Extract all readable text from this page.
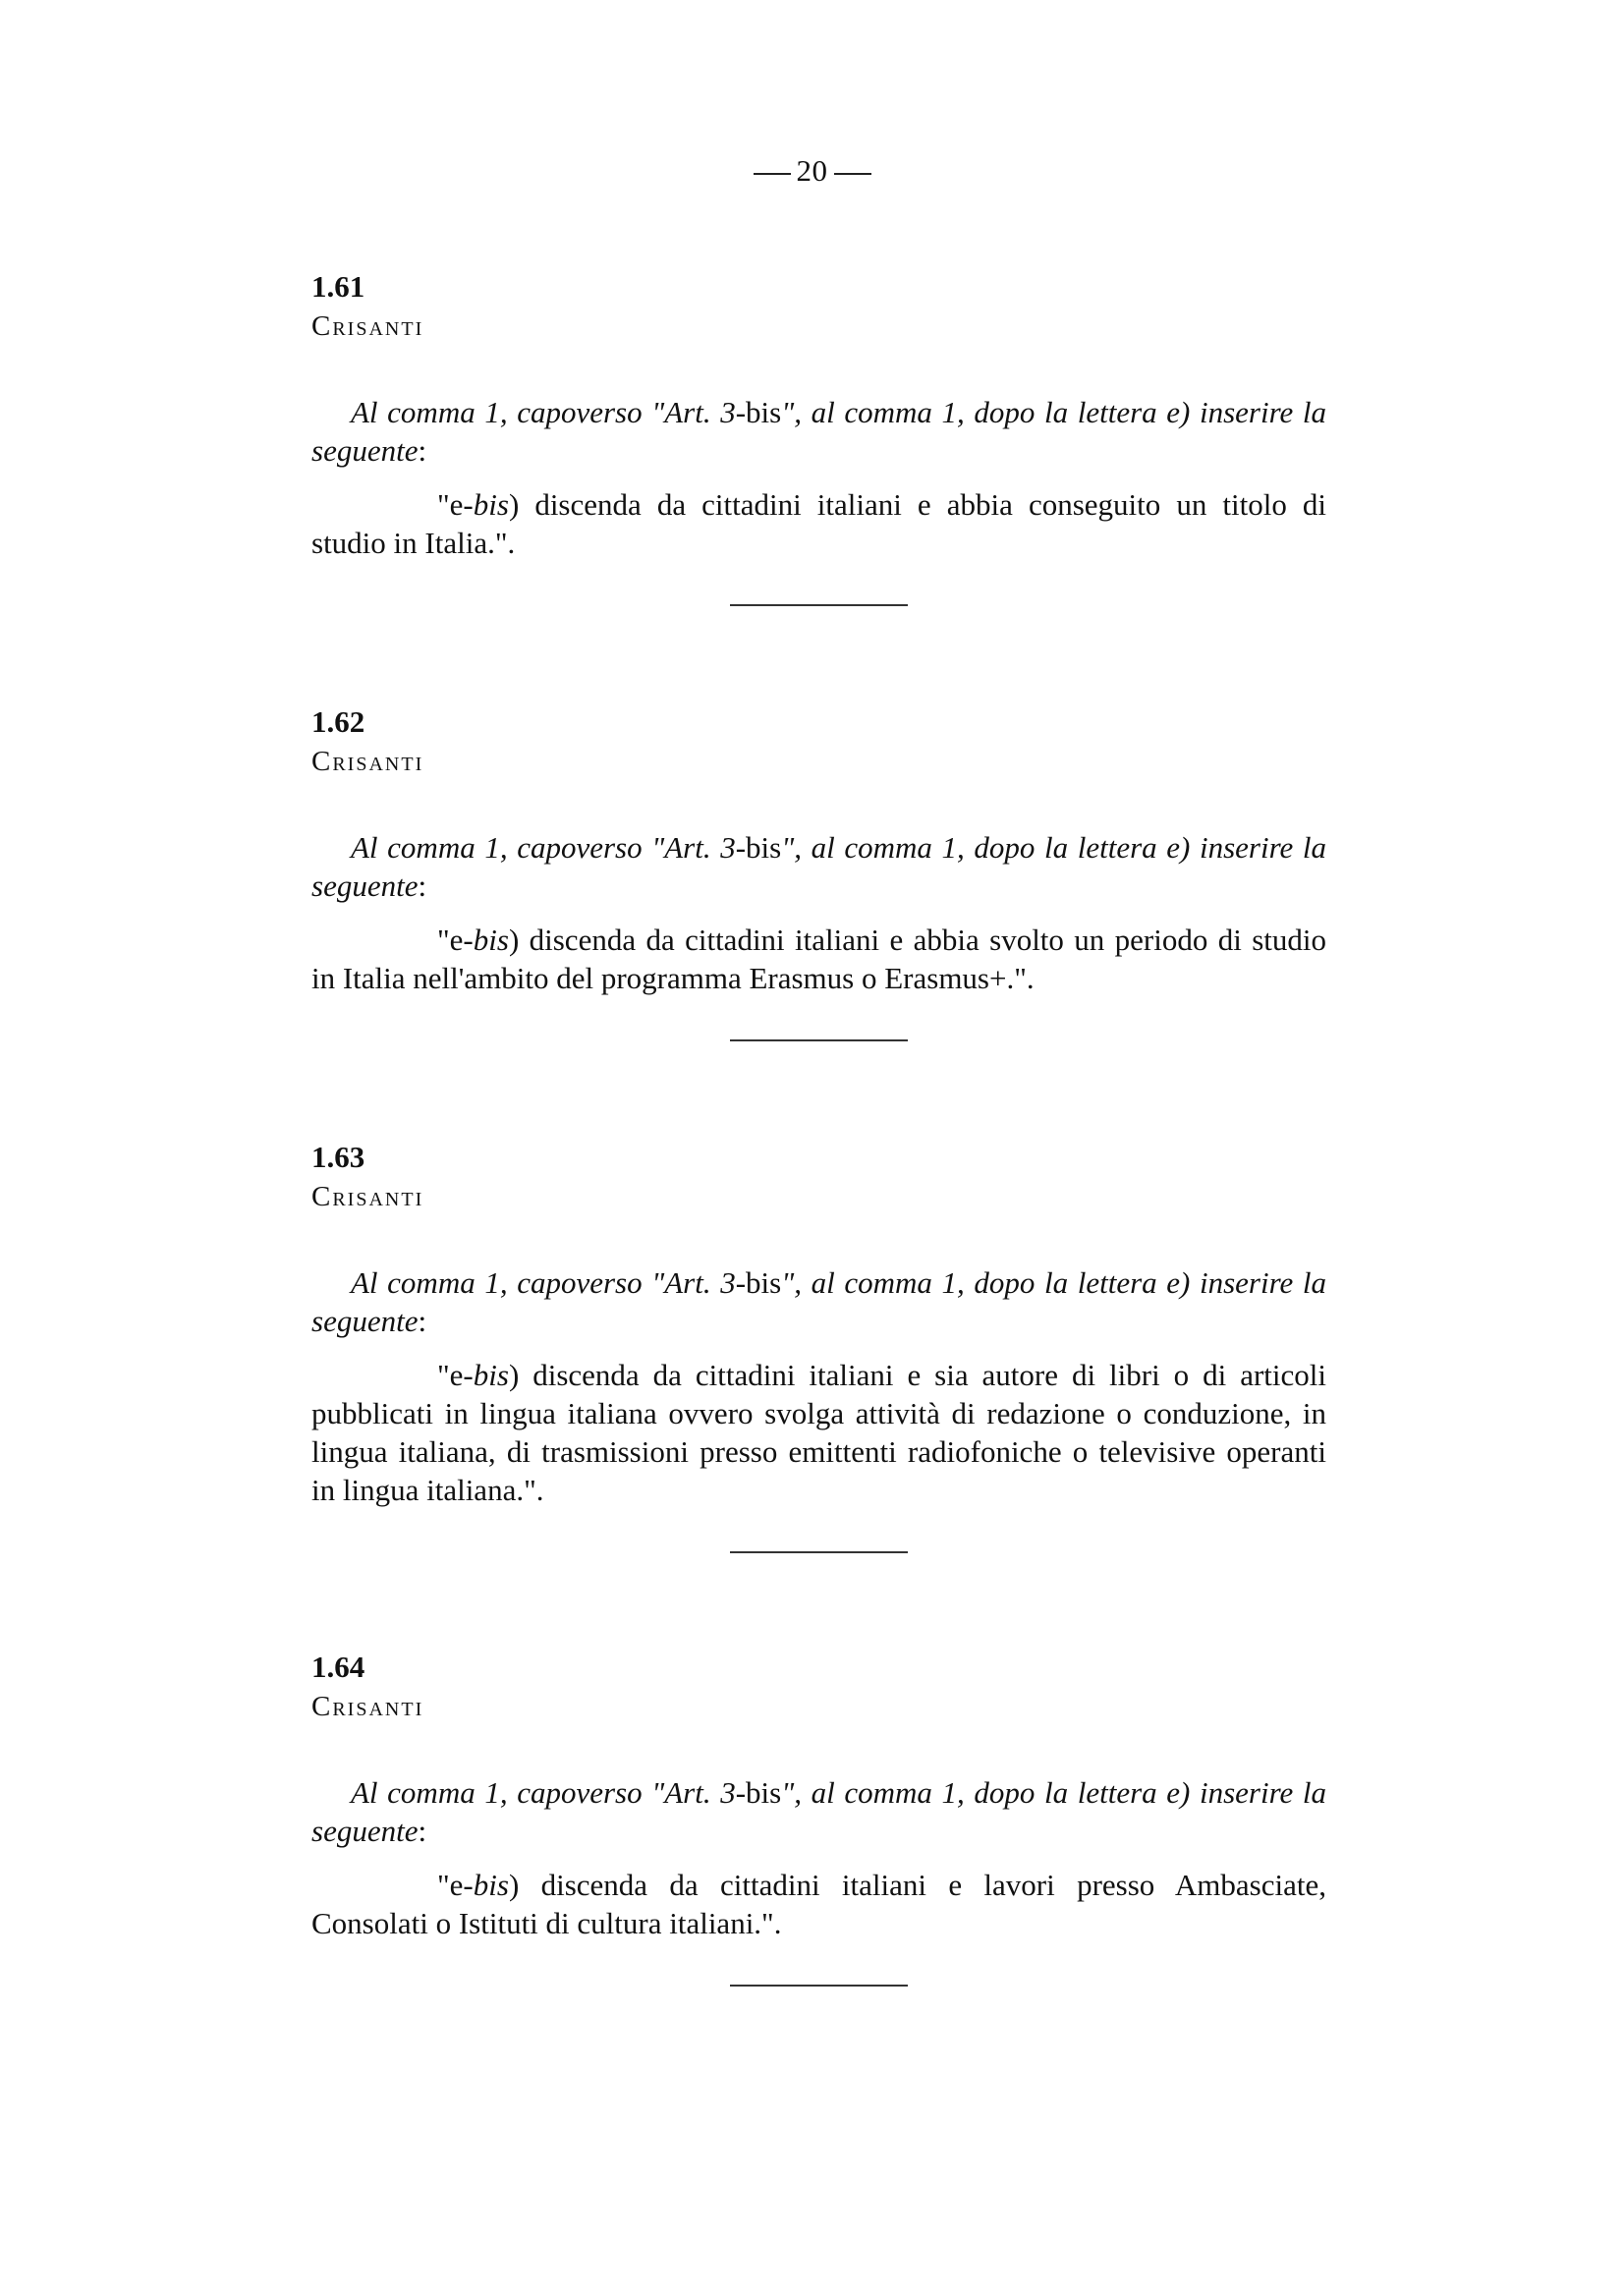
20

1.61

Crisanti

Al comma 1, capoverso "Art. 3-bis", al comma 1, dopo la lettera e) inserire la seguente:
"e-bis) discenda da cittadini italiani e abbia conseguito un titolo di studio in Italia.".

1.62

Crisanti

Al comma 1, capoverso "Art. 3-bis", al comma 1, dopo la lettera e) inserire la seguente:
"e-bis) discenda da cittadini italiani e abbia svolto un periodo di studio in Italia nell'ambito del programma Erasmus o Erasmus+.".

1.63

Crisanti

Al comma 1, capoverso "Art. 3-bis", al comma 1, dopo la lettera e) inserire la seguente:
"e-bis) discenda da cittadini italiani e sia autore di libri o di articoli pubblicati in lingua italiana ovvero svolga attività di redazione o conduzione, in lingua italiana, di trasmissioni presso emittenti radiofoniche o televisive operanti in lingua italiana.".

1.64

Crisanti

Al comma 1, capoverso "Art. 3-bis", al comma 1, dopo la lettera e) inserire la seguente:
"e-bis) discenda da cittadini italiani e lavori presso Ambasciate, Consolati o Istituti di cultura italiani.".
